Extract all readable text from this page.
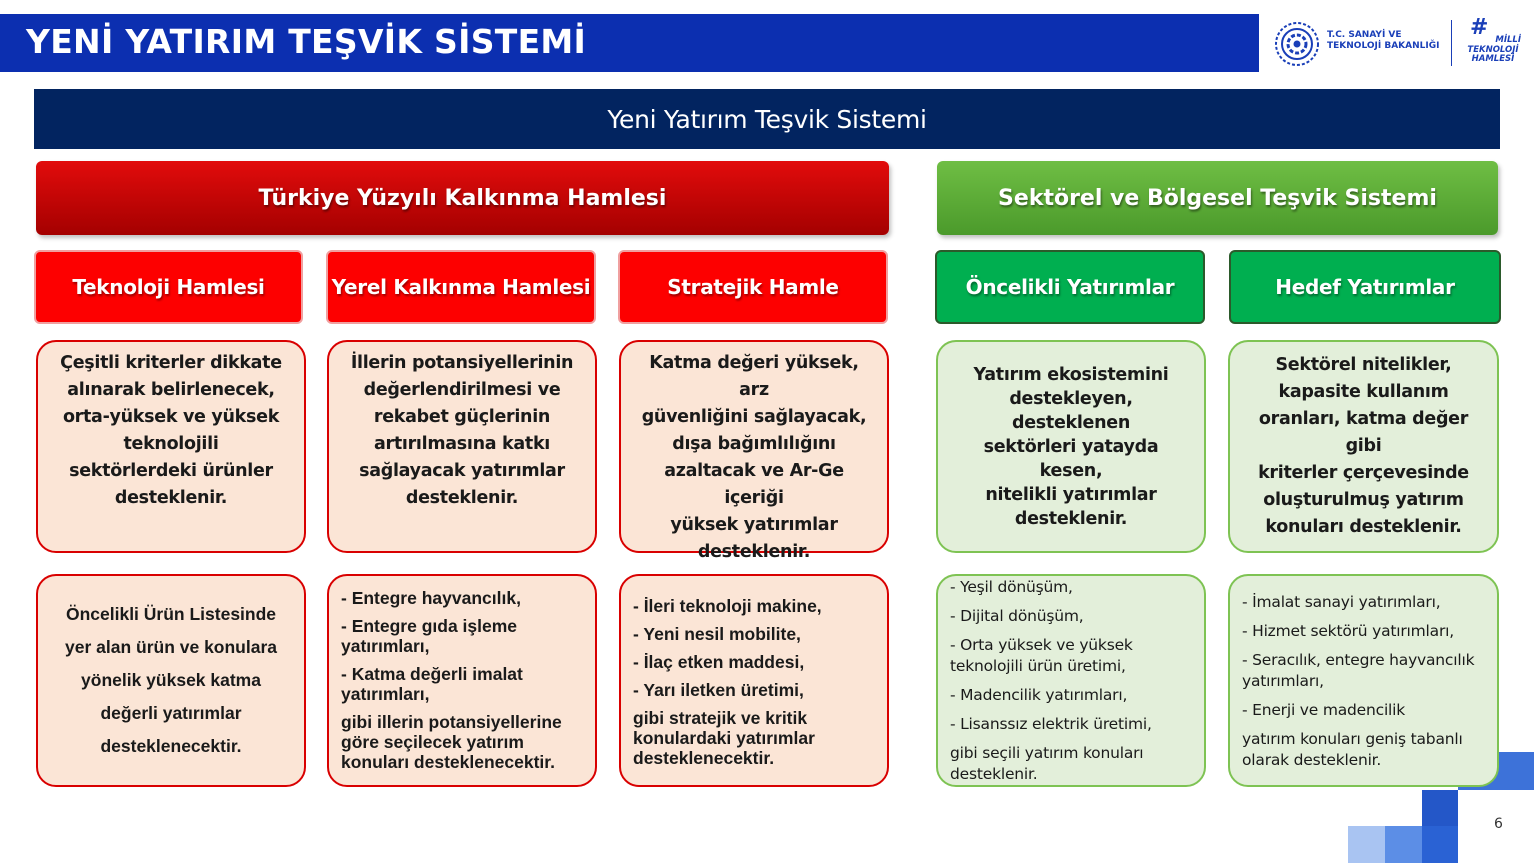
YENİ YATIRIM TEŞVİK SİSTEMİ	T.C. SANAYİ VE
TEKNOLOJİ BAKANLIĞI
# MİLLİ
TEKNOLOJİ
HAMLESİ
Yeni Yatırım Teşvik Sistemi
Türkiye Yüzyılı Kalkınma Hamlesi	Sektörel ve Bölgesel Teşvik Sistemi
Teknoloji Hamlesi	Yerel Kalkınma Hamlesi	Stratejik Hamle	Öncelikli Yatırımlar	Hedef Yatırımlar
Çeşitli kriterler dikkate
alınarak belirlenecek,
orta-yüksek ve yüksek
teknolojili
sektörlerdeki ürünler
desteklenir.
İllerin potansiyellerinin
değerlendirilmesi ve
rekabet güçlerinin
artırılmasına katkı
sağlayacak yatırımlar
desteklenir.
Katma değeri yüksek, arz
güvenliğini sağlayacak,
dışa bağımlılığını
azaltacak ve Ar-Ge içeriği
yüksek yatırımlar
desteklenir.
Yatırım ekosistemini
destekleyen, desteklenen
sektörleri yatayda kesen,
nitelikli yatırımlar
desteklenir.
Sektörel nitelikler,
kapasite kullanım
oranları, katma değer gibi
kriterler çerçevesinde
oluşturulmuş yatırım
konuları desteklenir.
Öncelikli Ürün Listesinde
yer alan ürün ve konulara
yönelik yüksek katma
değerli yatırımlar
desteklenecektir.
- Entegre hayvancılık,
- Entegre gıda işleme yatırımları,
- Katma değerli imalat yatırımları,
gibi illerin potansiyellerine göre seçilecek yatırım konuları desteklenecektir.
- İleri teknoloji makine,
- Yeni nesil mobilite,
- İlaç etken maddesi,
- Yarı iletken üretimi,
gibi stratejik ve kritik konulardaki yatırımlar desteklenecektir.
- Yeşil dönüşüm,
- Dijital dönüşüm,
- Orta yüksek ve yüksek teknolojili ürün üretimi,
- Madencilik yatırımları,
- Lisanssız elektrik üretimi,
gibi seçili yatırım konuları desteklenir.
- İmalat sanayi yatırımları,
- Hizmet sektörü yatırımları,
- Seracılık, entegre hayvancılık yatırımları,
- Enerji ve madencilik
yatırım konuları geniş tabanlı olarak desteklenir.
6
